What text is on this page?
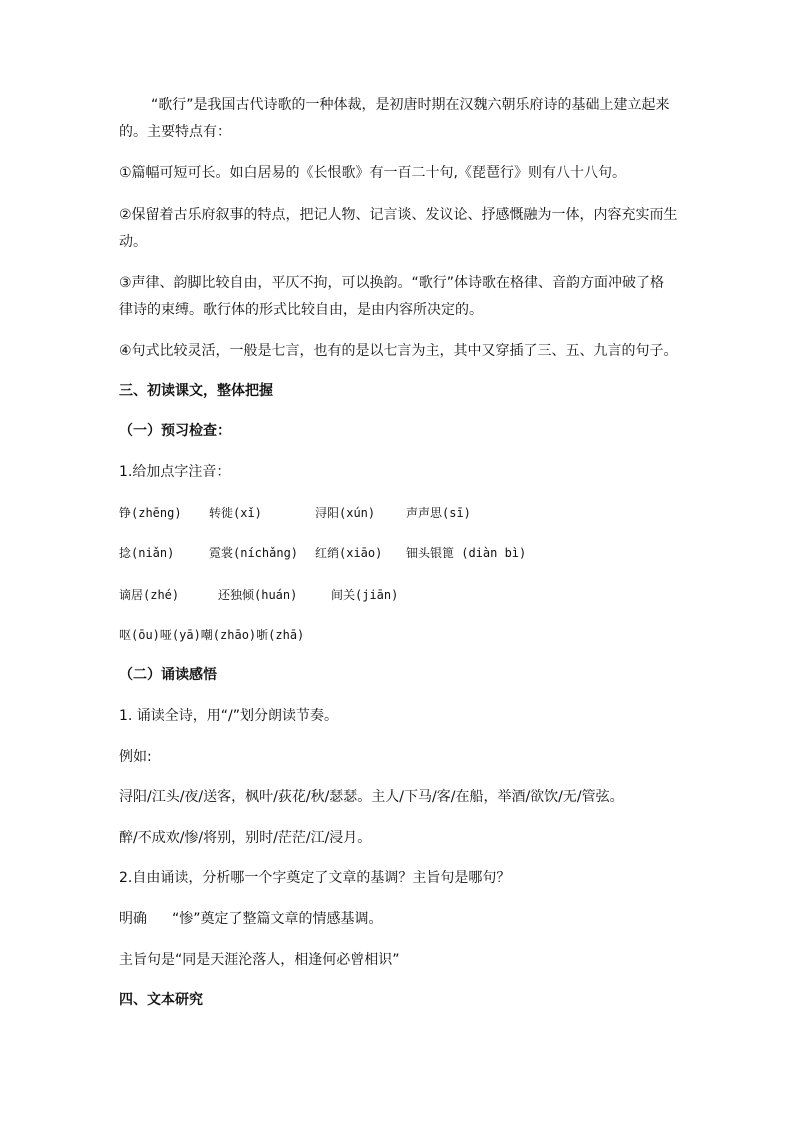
“歌行”是我国古代诗歌的一种体裁，是初唐时期在汉魏六朝乐府诗的基础上建立起来
的。主要特点有：
①篇幅可短可长。如白居易的《长恨歌》有一百二十句,《琵琶行》则有八十八句。
②保留着古乐府叙事的特点，把记人物、记言谈、发议论、抒感慨融为一体，内容充实而生
动。
③声律、韵脚比较自由，平仄不拘，可以换韵。“歌行”体诗歌在格律、音韵方面冲破了格
律诗的束缚。歌行体的形式比较自由，是由内容所决定的。
④句式比较灵活，一般是七言，也有的是以七言为主，其中又穿插了三、五、九言的句子。
三、初读课文，整体把握
（一）预习检查：
1.给加点字注音：
铮(zhēng) 转徙(xǐ)	浔阳(xún)	声声思(sī)
捻(niǎn)	霓裳(níchǎng) 红绡(xiāo) 钿头银篦 (diàn bì)
谪居(zhé)	还独倾(huán)	间关(jiān)
呕(ōu)哑(yā)嘲(zhāo)哳(zhā)
（二）诵读感悟
1. 诵读全诗，用“/”划分朗读节奏。
例如:
浔阳/江头/夜/送客，枫叶/荻花/秋/瑟瑟。主人/下马/客/在船，举酒/欲饮/无/管弦。
醉/不成欢/惨/将别，别时/茫茫/江/浸月。
2.自由诵读，分析哪一个字奠定了文章的基调？主旨句是哪句？
明确 “惨”奠定了整篇文章的情感基调。
主旨句是“同是天涯沦落人，相逢何必曾相识”
四、文本研究
